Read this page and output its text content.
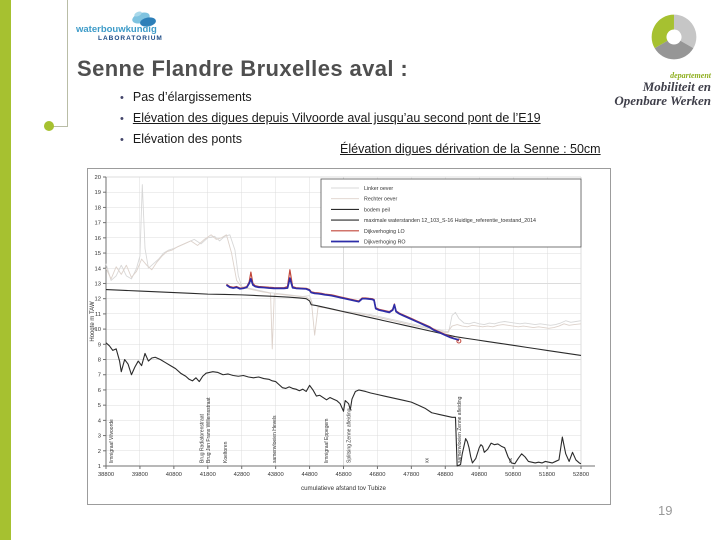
waterbouwkundig
LABORATORIUM
departement
Mobiliteit en
Openbare Werken
Senne Flandre Bruxelles aval :
• Pas d’élargissements
• Elévation des digues depuis Vilvoorde aval jusqu’au second pont de l’E19
• Elévation des ponts
Élévation digues dérivation de la Senne : 50cm
1
2
3
4
5
6
7
8
9
10
11
12
13
14
15
16
17
18
19
20
38800	39800	40800	41800	42800	43800	44800	45800	46800	47800	48800	49800	50800	51800	52800
Hoogte m TAW
cumulatieve afstand tov Tubize
limnigraaf Vilvoorde	Brug Radiatorenstraat Brug Jan Frans Willemsstraat Koeltoren	samenvloeien Hevels	limnigraaf Eppegem	Splitsing Zenne afleiding	xx	samenvloeien Zenne afleiding	xx
Linker oever
Rechter oever
bodem peil
maximale waterstanden 12_103_S-16 Huidige_referentie_toestand_2014
Dijkverhoging LO
Dijkverhoging RO
19
